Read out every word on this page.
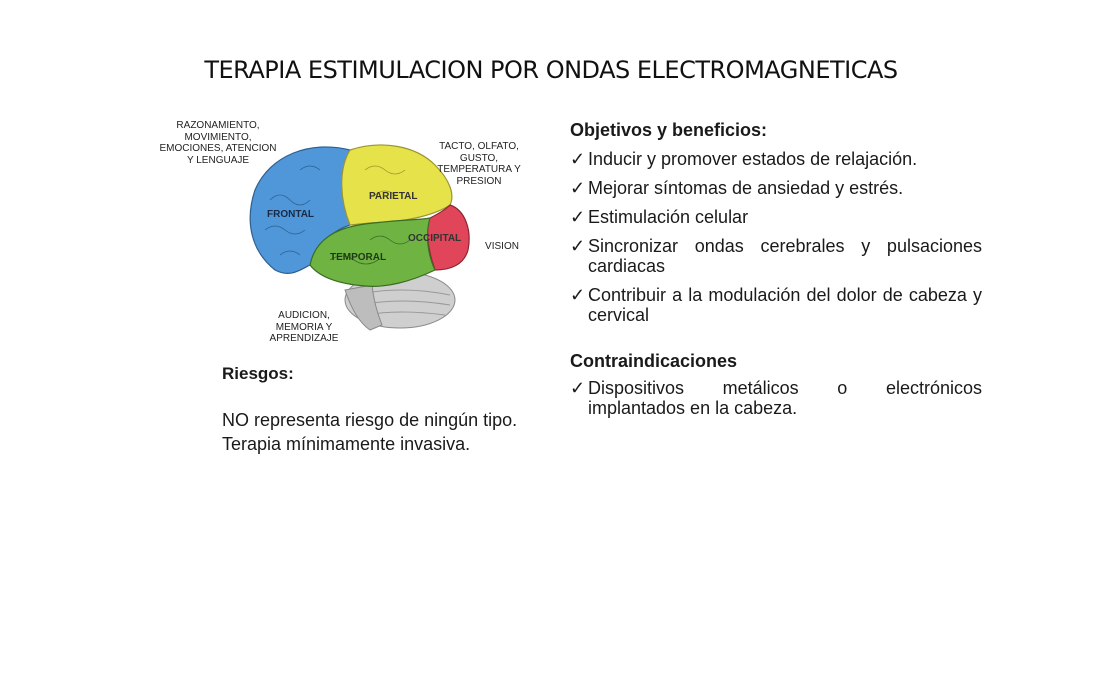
TERAPIA ESTIMULACION POR ONDAS ELECTROMAGNETICAS
FRONTAL
PARIETAL
OCCIPITAL
TEMPORAL
RAZONAMIENTO,
MOVIMIENTO,
EMOCIONES, ATENCION
Y LENGUAJE
TACTO, OLFATO,
GUSTO,
TEMPERATURA Y
PRESION
VISION
AUDICION,
MEMORIA Y
APRENDIZAJE

Objetivos y beneficios:

✓ Inducir y promover estados de relajación.
✓ Mejorar síntomas de ansiedad y estrés.
✓ Estimulación celular
✓ Sincronizar ondas cerebrales y pulsaciones cardiacas
✓ Contribuir a la modulación del dolor de cabeza y cervical

Contraindicaciones

✓ Dispositivos metálicos o electrónicos implantados en la cabeza.

Riesgos:

NO representa riesgo de ningún tipo.

Terapia mínimamente invasiva.
